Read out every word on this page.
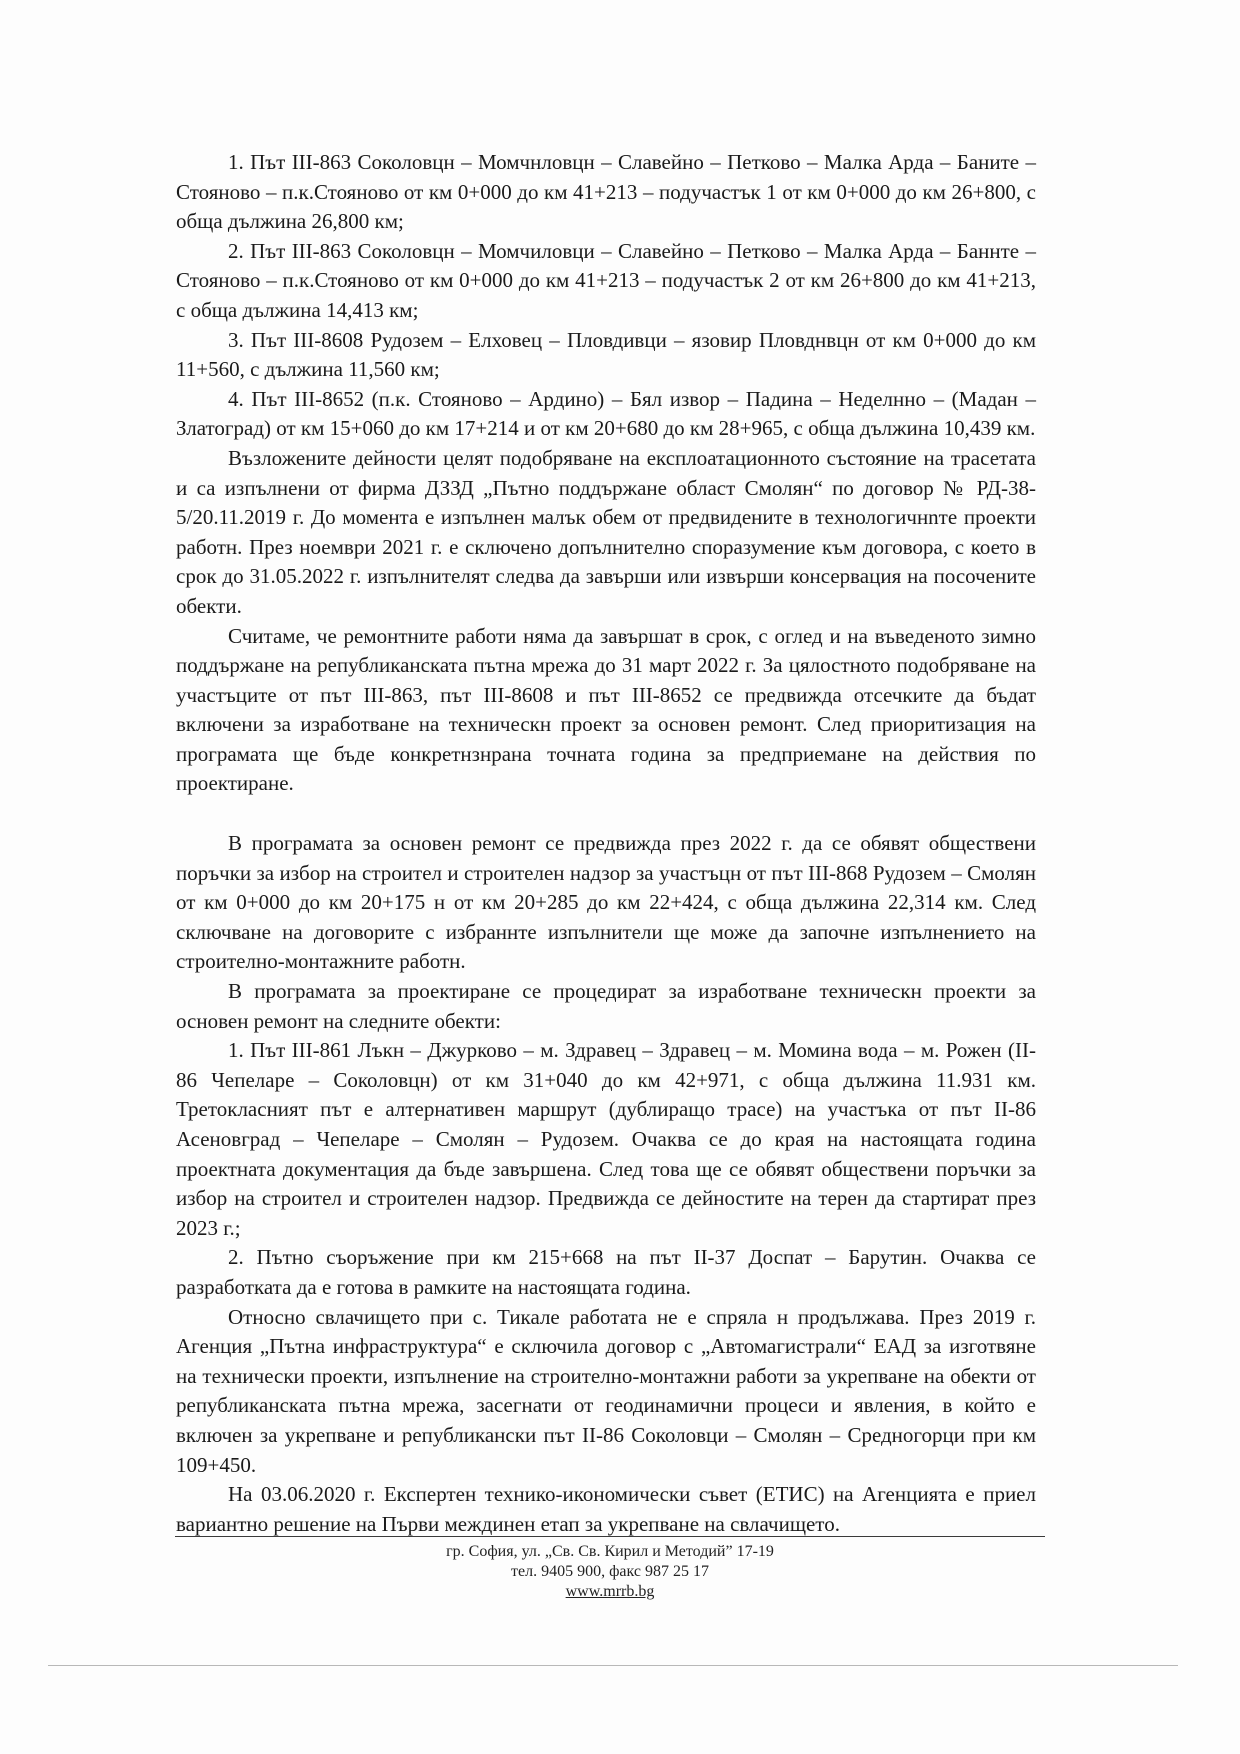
1. Път III-863 Соколовцн – Момчнловцн – Славейно – Петково – Малка Арда – Баните – Стояново – п.к.Стояново от км 0+000 до км 41+213 – подучастък 1 от км 0+000 до км 26+800, с обща дължина 26,800 км;

2. Път III-863 Соколовцн – Момчиловци – Славейно – Петково – Малка Арда – Баннте – Стояново – п.к.Стояново от км 0+000 до км 41+213 – подучастък 2 от км 26+800 до км 41+213, с обща дължина 14,413 км;

3. Път III-8608 Рудозем – Елховец – Пловдивци – язовир Пловднвцн от км 0+000 до км 11+560, с дължина 11,560 км;

4. Път III-8652 (п.к. Стояново – Ардино) – Бял извор – Падина – Неделнно – (Мадан – Златоград) от км 15+060 до км 17+214 и от км 20+680 до км 28+965, с обща дължина 10,439 км.

Възложените дейности целят подобряване на експлоатационното състояние на трасетата и са изпълнени от фирма ДЗЗД „Пътно поддържане област Смолян“ по договор № РД-38-5/20.11.2019 г. До момента е изпълнен малък обем от предвидените в технологичнnте проекти работн. През ноември 2021 г. е сключено допълнително споразумение към договора, с което в срок до 31.05.2022 г. изпълнителят следва да завърши или извърши консервация на посочените обекти.

Считаме, че ремонтните работи няма да завършат в срок, с оглед и на въведеното зимно поддържане на републиканската пътна мрежа до 31 март 2022 г. За цялостното подобряване на участъците от път III-863, път III-8608 и път III-8652 се предвижда отсечките да бъдат включени за изработване на техническн проект за основен ремонт. След приоритизация на програмата ще бъде конкретнзнрана точната година за предприемане на действия по проектиране.

В програмата за основен ремонт се предвижда през 2022 г. да се обявят обществени поръчки за избор на строител и строителен надзор за участъцн от път III-868 Рудозем – Смолян от км 0+000 до км 20+175 н от км 20+285 до км 22+424, с обща дължина 22,314 км. След сключване на договорите с избраннте изпълнители ще може да започне изпълнението на строително-монтажните работн.

В програмата за проектиране се процедират за изработване техническн проекти за основен ремонт на следните обекти:

1. Път III-861 Лъкн – Джурково – м. Здравец – Здравец – м. Момина вода – м. Рожен (II-86 Чепеларе – Соколовцн) от км 31+040 до км 42+971, с обща дължина 11.931 км. Третокласният път е алтернативен маршрут (дублиращо трасе) на участъка от път II-86 Асеновград – Чепеларе – Смолян – Рудозем. Очаква се до края на настоящата година проектната документация да бъде завършена. След това ще се обявят обществени поръчки за избор на строител и строителен надзор. Предвижда се дейностите на терен да стартират през 2023 г.;

2. Пътно съоръжение при км 215+668 на път II-37 Доспат – Барутин. Очаква се разработката да е готова в рамките на настоящата година.

Относно свлачището при с. Тикале работата не е спряла н продължава. През 2019 г. Агенция „Пътна инфраструктура“ е сключила договор с „Автомагистрали“ ЕАД за изготвяне на технически проекти, изпълнение на строително-монтажни работи за укрепване на обекти от републиканската пътна мрежа, засегнати от геодинамични процеси и явления, в който е включен за укрепване и републикански път II-86 Соколовци – Смолян – Средногорци при км 109+450.

На 03.06.2020 г. Експертен технико-икономически съвет (ЕТИС) на Агенцията е приел вариантно решение на Първи междинен етап за укрепване на свлачището.

гр. София, ул. „Св. Св. Кирил и Методий” 17-19
тел. 9405 900, факс 987 25 17
www.mrrb.bg
